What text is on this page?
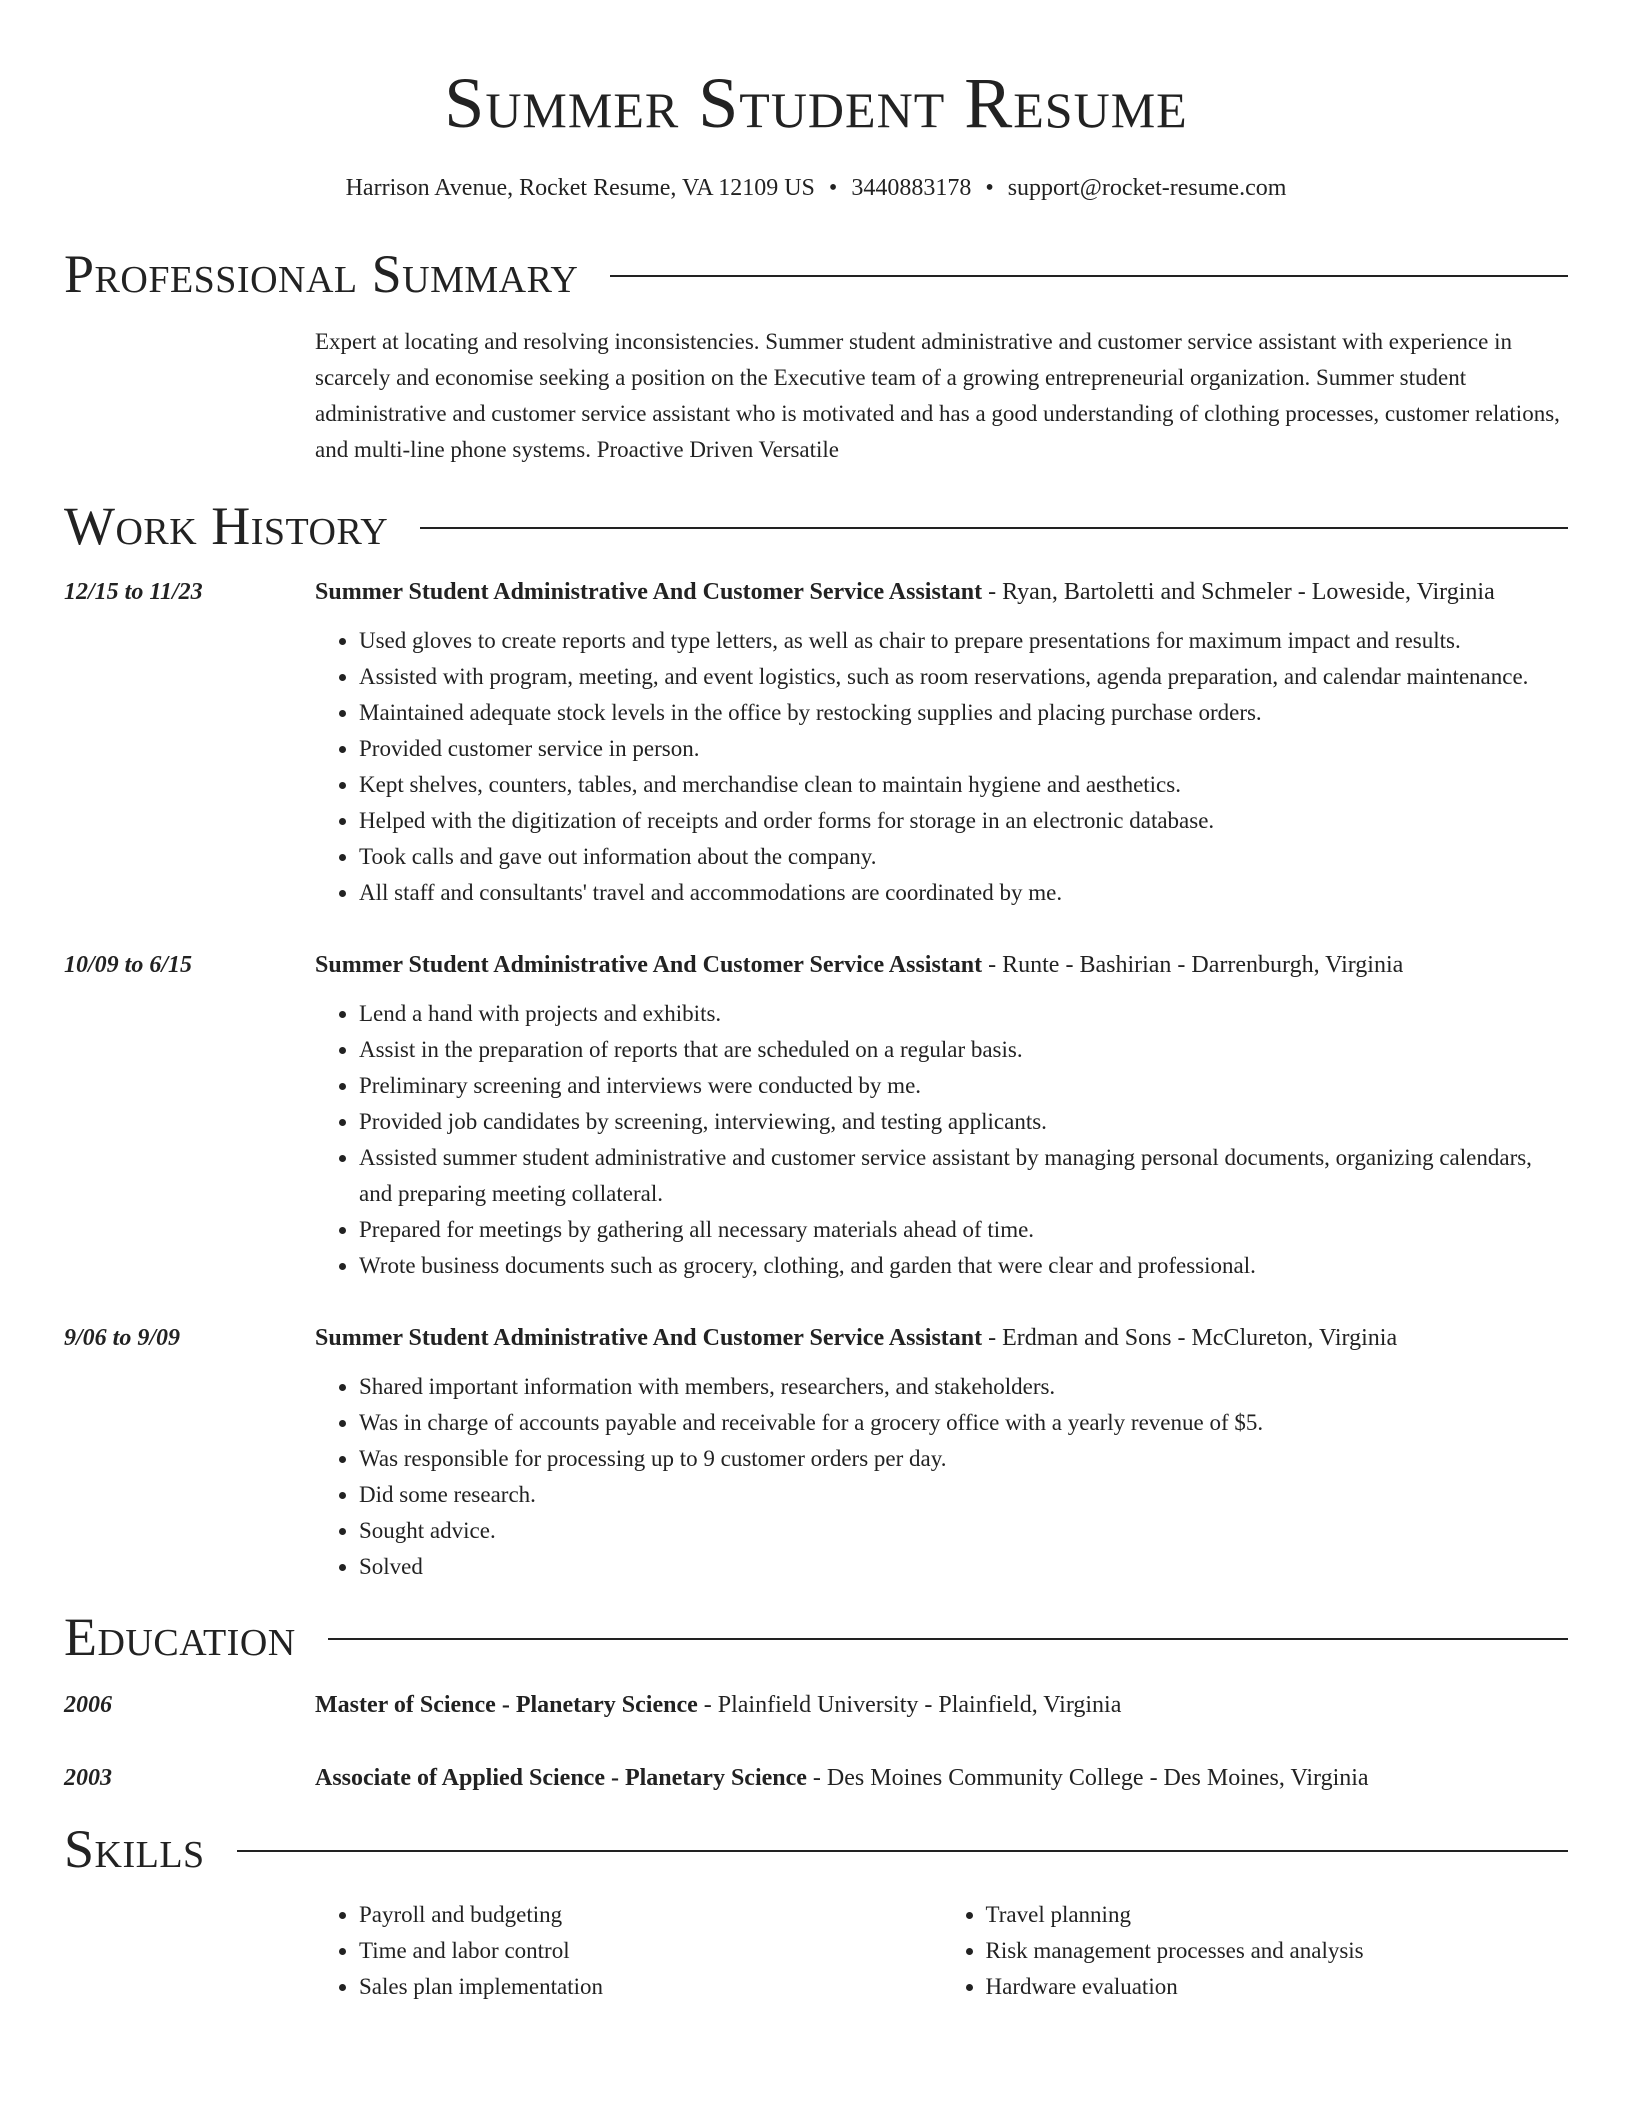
Summer Student Resume
Harrison Avenue, Rocket Resume, VA 12109 US • 3440883178 • support@rocket-resume.com
Professional Summary
Expert at locating and resolving inconsistencies. Summer student administrative and customer service assistant with experience in scarcely and economise seeking a position on the Executive team of a growing entrepreneurial organization. Summer student administrative and customer service assistant who is motivated and has a good understanding of clothing processes, customer relations, and multi-line phone systems. Proactive Driven Versatile
Work History
12/15 to 11/23	Summer Student Administrative And Customer Service Assistant - Ryan, Bartoletti and Schmeler - Loweside, Virginia
• Used gloves to create reports and type letters, as well as chair to prepare presentations for maximum impact and results.
• Assisted with program, meeting, and event logistics, such as room reservations, agenda preparation, and calendar maintenance.
• Maintained adequate stock levels in the office by restocking supplies and placing purchase orders.
• Provided customer service in person.
• Kept shelves, counters, tables, and merchandise clean to maintain hygiene and aesthetics.
• Helped with the digitization of receipts and order forms for storage in an electronic database.
• Took calls and gave out information about the company.
• All staff and consultants' travel and accommodations are coordinated by me.
10/09 to 6/15	Summer Student Administrative And Customer Service Assistant - Runte - Bashirian - Darrenburgh, Virginia
• Lend a hand with projects and exhibits.
• Assist in the preparation of reports that are scheduled on a regular basis.
• Preliminary screening and interviews were conducted by me.
• Provided job candidates by screening, interviewing, and testing applicants.
• Assisted summer student administrative and customer service assistant by managing personal documents, organizing calendars, and preparing meeting collateral.
• Prepared for meetings by gathering all necessary materials ahead of time.
• Wrote business documents such as grocery, clothing, and garden that were clear and professional.
9/06 to 9/09	Summer Student Administrative And Customer Service Assistant - Erdman and Sons - McClureton, Virginia
• Shared important information with members, researchers, and stakeholders.
• Was in charge of accounts payable and receivable for a grocery office with a yearly revenue of $5.
• Was responsible for processing up to 9 customer orders per day.
• Did some research.
• Sought advice.
• Solved
Education
2006	Master of Science - Planetary Science - Plainfield University - Plainfield, Virginia
2003	Associate of Applied Science - Planetary Science - Des Moines Community College - Des Moines, Virginia
Skills
• Payroll and budgeting
• Time and labor control
• Sales plan implementation
• Travel planning
• Risk management processes and analysis
• Hardware evaluation
